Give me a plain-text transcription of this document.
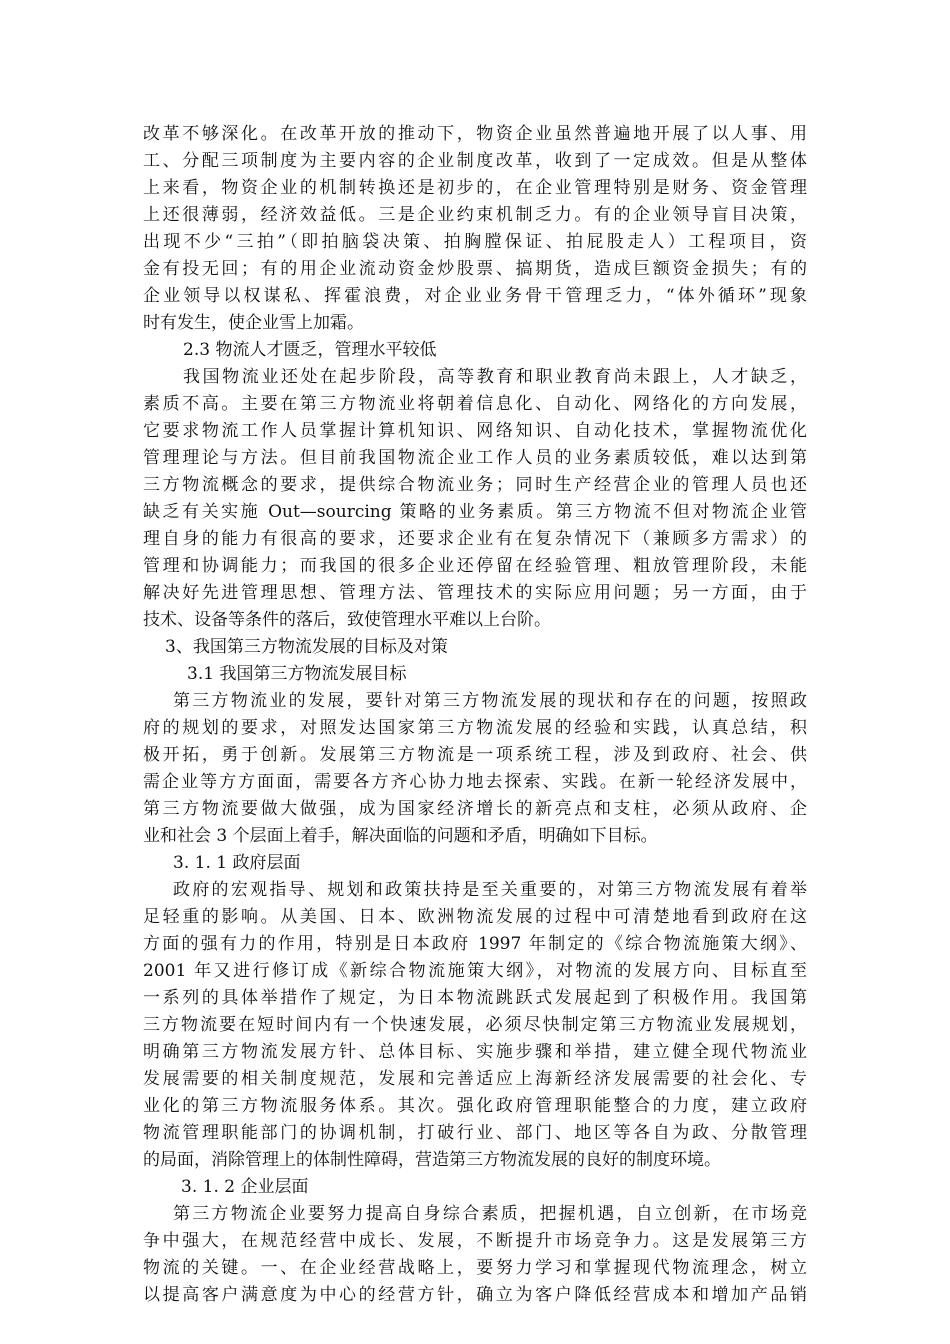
改革不够深化。在改革开放的推动下，物资企业虽然普遍地开展了以人事、用
工、分配三项制度为主要内容的企业制度改革，收到了一定成效。但是从整体
上来看，物资企业的机制转换还是初步的，在企业管理特别是财务、资金管理
上还很薄弱，经济效益低。三是企业约束机制乏力。有的企业领导盲目决策，
出现不少“三拍”（即拍脑袋决策、拍胸膛保证、拍屁股走人）工程项目，资
金有投无回；有的用企业流动资金炒股票、搞期货，造成巨额资金损失；有的
企业领导以权谋私、挥霍浪费，对企业业务骨干管理乏力，“体外循环”现象
时有发生，使企业雪上加霜。
2.3 物流人才匮乏，管理水平较低
我国物流业还处在起步阶段，高等教育和职业教育尚未跟上，人才缺乏，
素质不高。主要在第三方物流业将朝着信息化、自动化、网络化的方向发展，
它要求物流工作人员掌握计算机知识、网络知识、自动化技术，掌握物流优化
管理理论与方法。但目前我国物流企业工作人员的业务素质较低，难以达到第
三方物流概念的要求，提供综合物流业务；同时生产经营企业的管理人员也还
缺乏有关实施 Out—sourcing 策略的业务素质。第三方物流不但对物流企业管
理自身的能力有很高的要求，还要求企业有在复杂情况下（兼顾多方需求）的
管理和协调能力；而我国的很多企业还停留在经验管理、粗放管理阶段，未能
解决好先进管理思想、管理方法、管理技术的实际应用问题；另一方面，由于
技术、设备等条件的落后，致使管理水平难以上台阶。
3、我国第三方物流发展的目标及对策
3.1 我国第三方物流发展目标
第三方物流业的发展，要针对第三方物流发展的现状和存在的问题，按照政
府的规划的要求，对照发达国家第三方物流发展的经验和实践，认真总结，积
极开拓，勇于创新。发展第三方物流是一项系统工程，涉及到政府、社会、供
需企业等方方面面，需要各方齐心协力地去探索、实践。在新一轮经济发展中，
第三方物流要做大做强，成为国家经济增长的新亮点和支柱，必须从政府、企
业和社会 3 个层面上着手，解决面临的问题和矛盾，明确如下目标。
3. 1. 1 政府层面
政府的宏观指导、规划和政策扶持是至关重要的，对第三方物流发展有着举
足轻重的影响。从美国、日本、欧洲物流发展的过程中可清楚地看到政府在这
方面的强有力的作用，特别是日本政府 1997 年制定的《综合物流施策大纲》、
2001 年又进行修订成《新综合物流施策大纲》，对物流的发展方向、目标直至
一系列的具体举措作了规定，为日本物流跳跃式发展起到了积极作用。我国第
三方物流要在短时间内有一个快速发展，必须尽快制定第三方物流业发展规划，
明确第三方物流发展方针、总体目标、实施步骤和举措，建立健全现代物流业
发展需要的相关制度规范，发展和完善适应上海新经济发展需要的社会化、专
业化的第三方物流服务体系。其次。强化政府管理职能整合的力度，建立政府
物流管理职能部门的协调机制，打破行业、部门、地区等各自为政、分散管理
的局面，消除管理上的体制性障碍，营造第三方物流发展的良好的制度环境。
3. 1. 2 企业层面
第三方物流企业要努力提高自身综合素质，把握机遇，自立创新，在市场竞
争中强大，在规范经营中成长、发展，不断提升市场竞争力。这是发展第三方
物流的关键。一、在企业经营战略上，要努力学习和掌握现代物流理念，树立
以提高客户满意度为中心的经营方针，确立为客户降低经营成本和增加产品销
